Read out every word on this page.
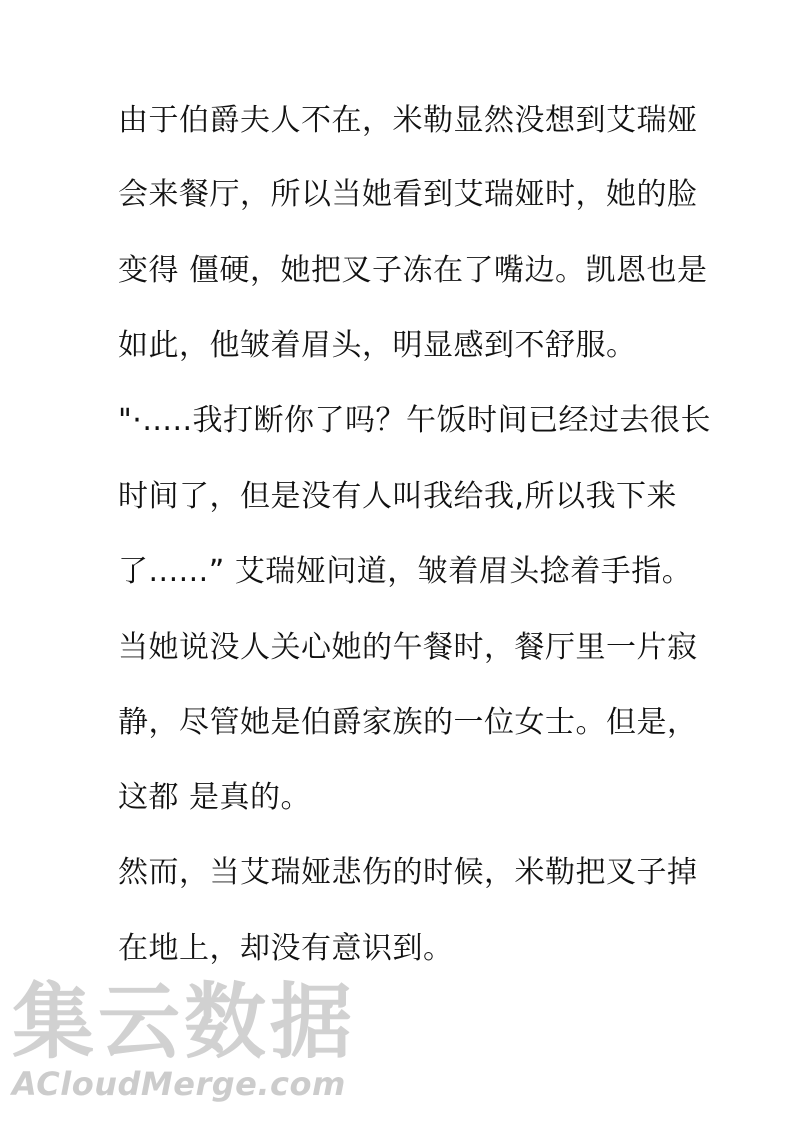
由于伯爵夫人不在，米勒显然没想到艾瑞娅
会来餐厅，所以当她看到艾瑞娅时，她的脸
变得 僵硬，她把叉子冻在了嘴边。凯恩也是
如此，他皱着眉头，明显感到不舒服。
"·.....我打断你了吗？午饭时间已经过去很长
时间了，但是没有人叫我给我,所以我下来
了......” 艾瑞娅问道，皱着眉头捻着手指。
当她说没人关心她的午餐时，餐厅里一片寂
静，尽管她是伯爵家族的一位女士。但是，
这都 是真的。
然而，当艾瑞娅悲伤的时候，米勒把叉子掉
在地上，却没有意识到。
集云数据
ACloudMerge.com
